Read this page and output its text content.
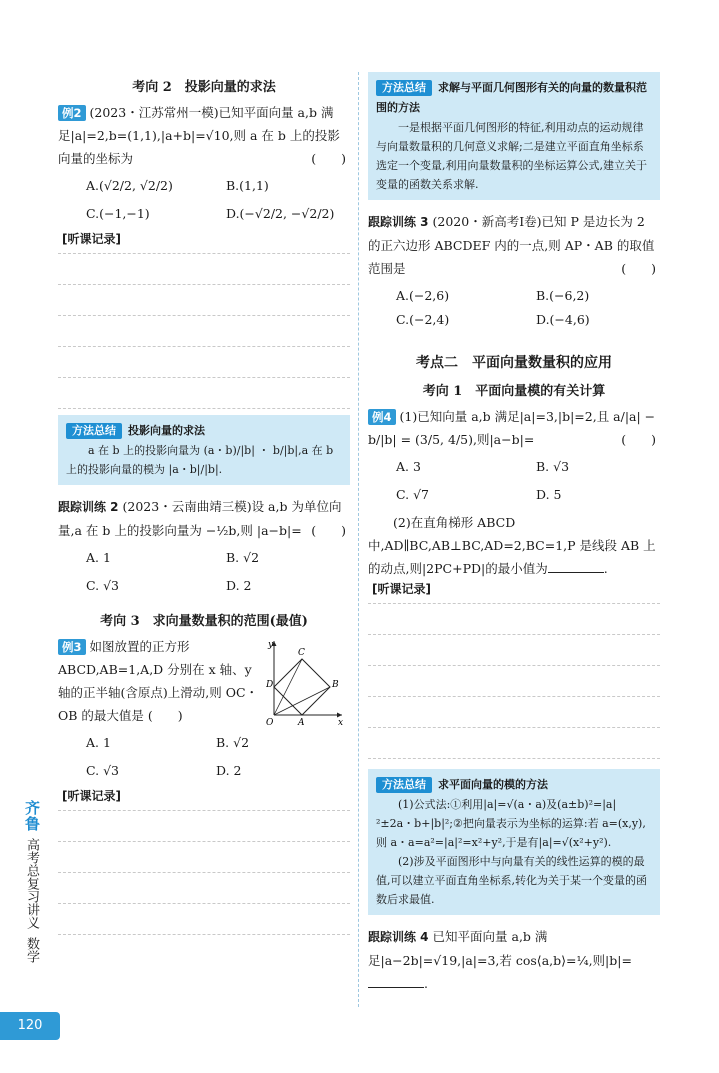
考向 2　投影向量的求法

例2 (2023・江苏常州一模)已知平面向量 a,b 满足|a|=2,b=(1,1),|a+b|=√10,则 a 在 b 上的投影向量的坐标为	(　　)

A.(√2/2, √2/2)	B.(1,1)
C.(−1,−1)	D.(−√2/2, −√2/2)
[听课记录]
方法总结 投影向量的求法

a 在 b 上的投影向量为 (a・b)/|b| ・ b/|b|,a 在 b 上的投影向量的模为 |a・b|/|b|.

跟踪训练 2 (2023・云南曲靖三模)设 a,b 为单位向量,a 在 b 上的投影向量为 −½b,则 |a−b|= (　　)

A. 1	B. √2
C. √3	D. 2
考向 3　求向量数量积的范围(最值)
y
C
D	B
O	A	x

例3 如图放置的正方形 ABCD,AB=1,A,D 分别在 x 轴、y 轴的正半轴(含原点)上滑动,则 OC・OB 的最大值是 (　　)

A. 1	B. √2
C. √3	D. 2
[听课记录]
方法总结 求解与平面几何图形有关的向量的数量积范围的方法

一是根据平面几何图形的特征,利用动点的运动规律与向量数量积的几何意义求解;二是建立平面直角坐标系选定一个变量,利用向量数量积的坐标运算公式,建立关于变量的函数关系求解.

跟踪训练 3 (2020・新高考Ⅰ卷)已知 P 是边长为 2 的正六边形 ABCDEF 内的一点,则 AP・AB 的取值范围是	(　　)

A.(−2,6)	B.(−6,2)
C.(−2,4)	D.(−4,6)
考点二　平面向量数量积的应用
考向 1　平面向量模的有关计算

例4 (1)已知向量 a,b 满足|a|=3,|b|=2,且 a/|a| − b/|b| = (3/5, 4/5),则|a−b|=	(　　)

A. 3	B. √3
C. √7	D. 5

(2)在直角梯形 ABCD 中,AD∥BC,AB⊥BC,AD=2,BC=1,P 是线段 AB 上的动点,则|2PC+PD|的最小值为	.

[听课记录]
方法总结 求平面向量的模的方法

(1)公式法:①利用|a|=√(a・a)及(a±b)²=|a|²±2a・b+|b|²;②把向量表示为坐标的运算:若 a=(x,y),则 a・a=a²=|a|²=x²+y²,于是有|a|=√(x²+y²).

(2)涉及平面图形中与向量有关的线性运算的模的最值,可以建立平面直角坐标系,转化为关于某一个变量的函数后求最值.

跟踪训练 4 已知平面向量 a,b 满足|a−2b|=√19,|a|=3,若 cos⟨a,b⟩=¼,则|b|=.

齐鲁
高考总复习讲义
数学
120
